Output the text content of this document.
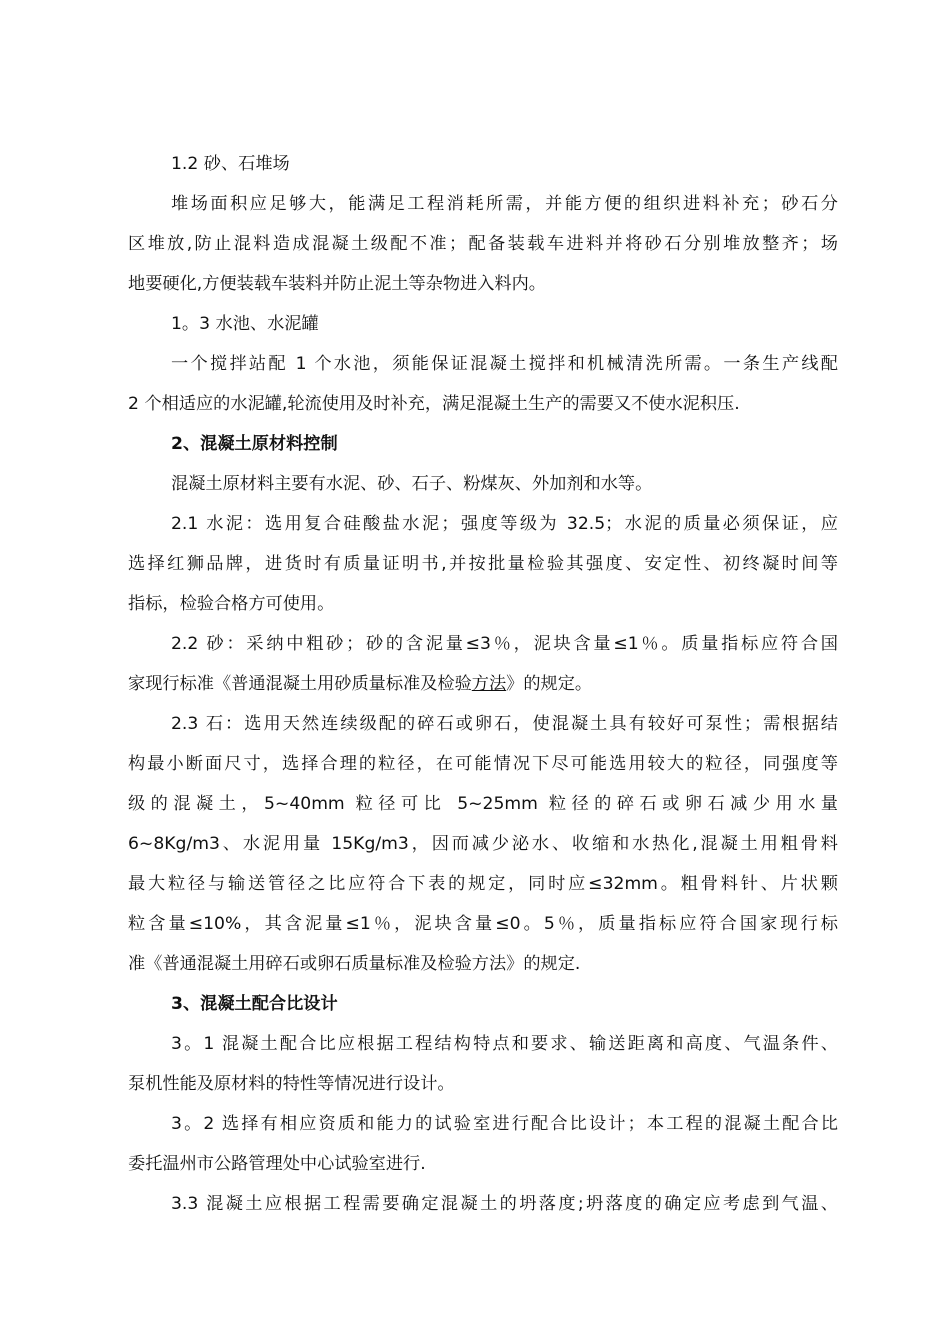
1.2 砂、石堆场
堆场面积应足够大，能满足工程消耗所需，并能方便的组织进料补充；砂石分
区堆放,防止混料造成混凝土级配不准；配备装载车进料并将砂石分别堆放整齐；场
地要硬化,方便装载车装料并防止泥土等杂物进入料内。
1。3 水池、水泥罐
一个搅拌站配 1 个水池，须能保证混凝土搅拌和机械清洗所需。一条生产线配
2 个相适应的水泥罐,轮流使用及时补充，满足混凝土生产的需要又不使水泥积压.
2、混凝土原材料控制
混凝土原材料主要有水泥、砂、石子、粉煤灰、外加剂和水等。
2.1 水泥：选用复合硅酸盐水泥；强度等级为 32.5；水泥的质量必须保证，应
选择红狮品牌，进货时有质量证明书,并按批量检验其强度、安定性、初终凝时间等
指标，检验合格方可使用。
2.2 砂：采纳中粗砂；砂的含泥量≤3％，泥块含量≤1％。质量指标应符合国
家现行标准《普通混凝土用砂质量标准及检验方法》的规定。
2.3 石：选用天然连续级配的碎石或卵石，使混凝土具有较好可泵性；需根据结
构最小断面尺寸，选择合理的粒径，在可能情况下尽可能选用较大的粒径，同强度等
级的混凝土，5~40mm 粒径可比 5~25mm 粒径的碎石或卵石减少用水量
6~8Kg/m3、水泥用量 15Kg/m3，因而减少泌水、收缩和水热化,混凝土用粗骨料
最大粒径与输送管径之比应符合下表的规定，同时应≤32mm。粗骨料针、片状颗
粒含量≤10%，其含泥量≤1％，泥块含量≤0。5％，质量指标应符合国家现行标
准《普通混凝土用碎石或卵石质量标准及检验方法》的规定.
3、混凝土配合比设计
3。1 混凝土配合比应根据工程结构特点和要求、输送距离和高度、气温条件、
泵机性能及原材料的特性等情况进行设计。
3。2 选择有相应资质和能力的试验室进行配合比设计；本工程的混凝土配合比
委托温州市公路管理处中心试验室进行.
3.3 混凝土应根据工程需要确定混凝土的坍落度;坍落度的确定应考虑到气温、
